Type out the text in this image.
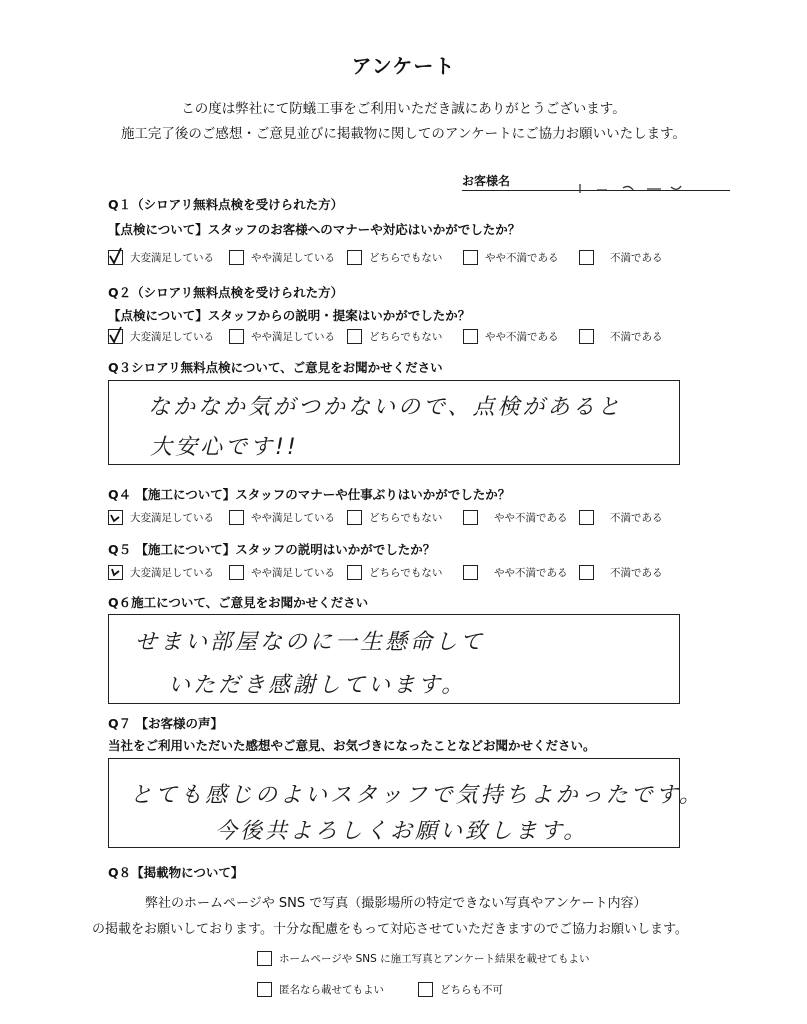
アンケート
この度は弊社にて防蟻工事をご利用いただき誠にありがとうございます。
施工完了後のご感想・ご意見並びに掲載物に関してのアンケートにご協力お願いいたします。
お客様名
Q１（シロアリ無料点検を受けられた方）
【点検について】スタッフのお客様へのマナーや対応はいかがでしたか？
大変満足している	やや満足している	どちらでもない	やや不満である	不満である
Q２（シロアリ無料点検を受けられた方）
【点検について】スタッフからの説明・提案はいかがでしたか？
大変満足している	やや満足している	どちらでもない	やや不満である	不満である
Q３シロアリ無料点検について、ご意見をお聞かせください
なかなか気がつかないので、点検があると
大安心です!!
Q４ 【施工について】スタッフのマナーや仕事ぶりはいかがでしたか？
大変満足している	やや満足している	どちらでもない	やや不満である	不満である
Q５ 【施工について】スタッフの説明はいかがでしたか？
大変満足している	やや満足している	どちらでもない	やや不満である	不満である
Q６施工について、ご意見をお聞かせください
せまい部屋なのに一生懸命して
いただき感謝しています。
Q７ 【お客様の声】
当社をご利用いただいた感想やご意見、お気づきになったことなどお聞かせください。
とても感じのよいスタッフで気持ちよかったです。
今後共よろしくお願い致します。
Q８【掲載物について】
弊社のホームページや SNS で写真（撮影場所の特定できない写真やアンケート内容）
の掲載をお願いしております。十分な配慮をもって対応させていただきますのでご協力お願いします。
ホームページや SNS に施工写真とアンケート結果を載せてもよい
匿名なら載せてもよい	どちらも不可
